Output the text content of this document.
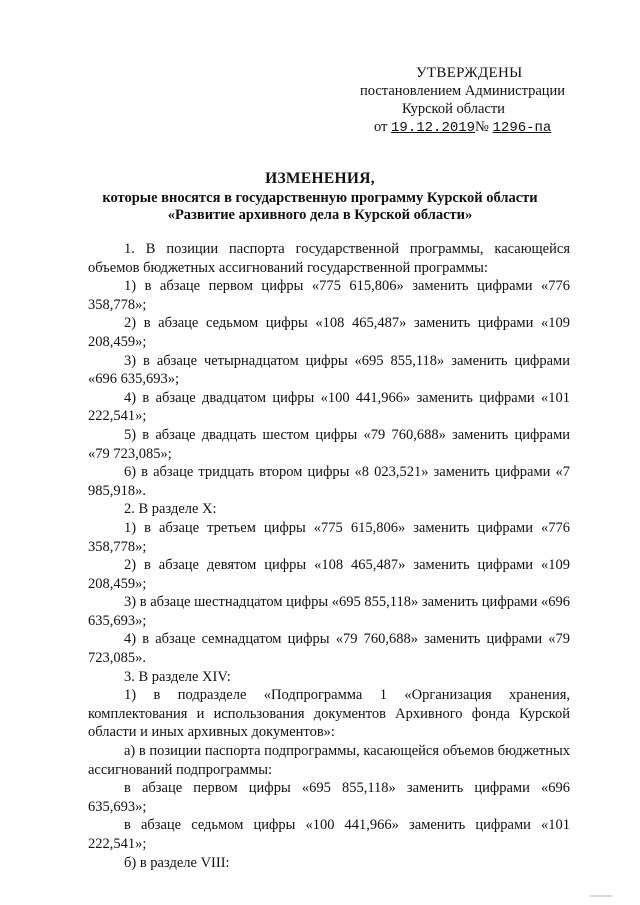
УТВЕРЖДЕНЫ
постановлением Администрации
Курской области
от 19.12.2019№ 1296-па
ИЗМЕНЕНИЯ,
которые вносятся в государственную программу Курской области
«Развитие архивного дела в Курской области»

1. В позиции паспорта государственной программы, касающейся объемов бюджетных ассигнований государственной программы:

1) в абзаце первом цифры «775 615,806» заменить цифрами «776 358,778»;

2) в абзаце седьмом цифры «108 465,487» заменить цифрами «109 208,459»;

3) в абзаце четырнадцатом цифры «695 855,118» заменить цифрами «696 635,693»;

4) в абзаце двадцатом цифры «100 441,966» заменить цифрами «101 222,541»;

5) в абзаце двадцать шестом цифры «79 760,688» заменить цифрами «79 723,085»;

6) в абзаце тридцать втором цифры «8 023,521» заменить цифрами «7 985,918».

2. В разделе X:

1) в абзаце третьем цифры «775 615,806» заменить цифрами «776 358,778»;

2) в абзаце девятом цифры «108 465,487» заменить цифрами «109 208,459»;

3) в абзаце шестнадцатом цифры «695 855,118» заменить цифрами «696 635,693»;

4) в абзаце семнадцатом цифры «79 760,688» заменить цифрами «79 723,085».

3. В разделе XIV:

1) в подразделе «Подпрограмма 1 «Организация хранения, комплектования и использования документов Архивного фонда Курской области и иных архивных документов»:

а) в позиции паспорта подпрограммы, касающейся объемов бюджетных ассигнований подпрограммы:

в абзаце первом цифры «695 855,118» заменить цифрами «696 635,693»;

в абзаце седьмом цифры «100 441,966» заменить цифрами «101 222,541»;

б) в разделе VIII:
